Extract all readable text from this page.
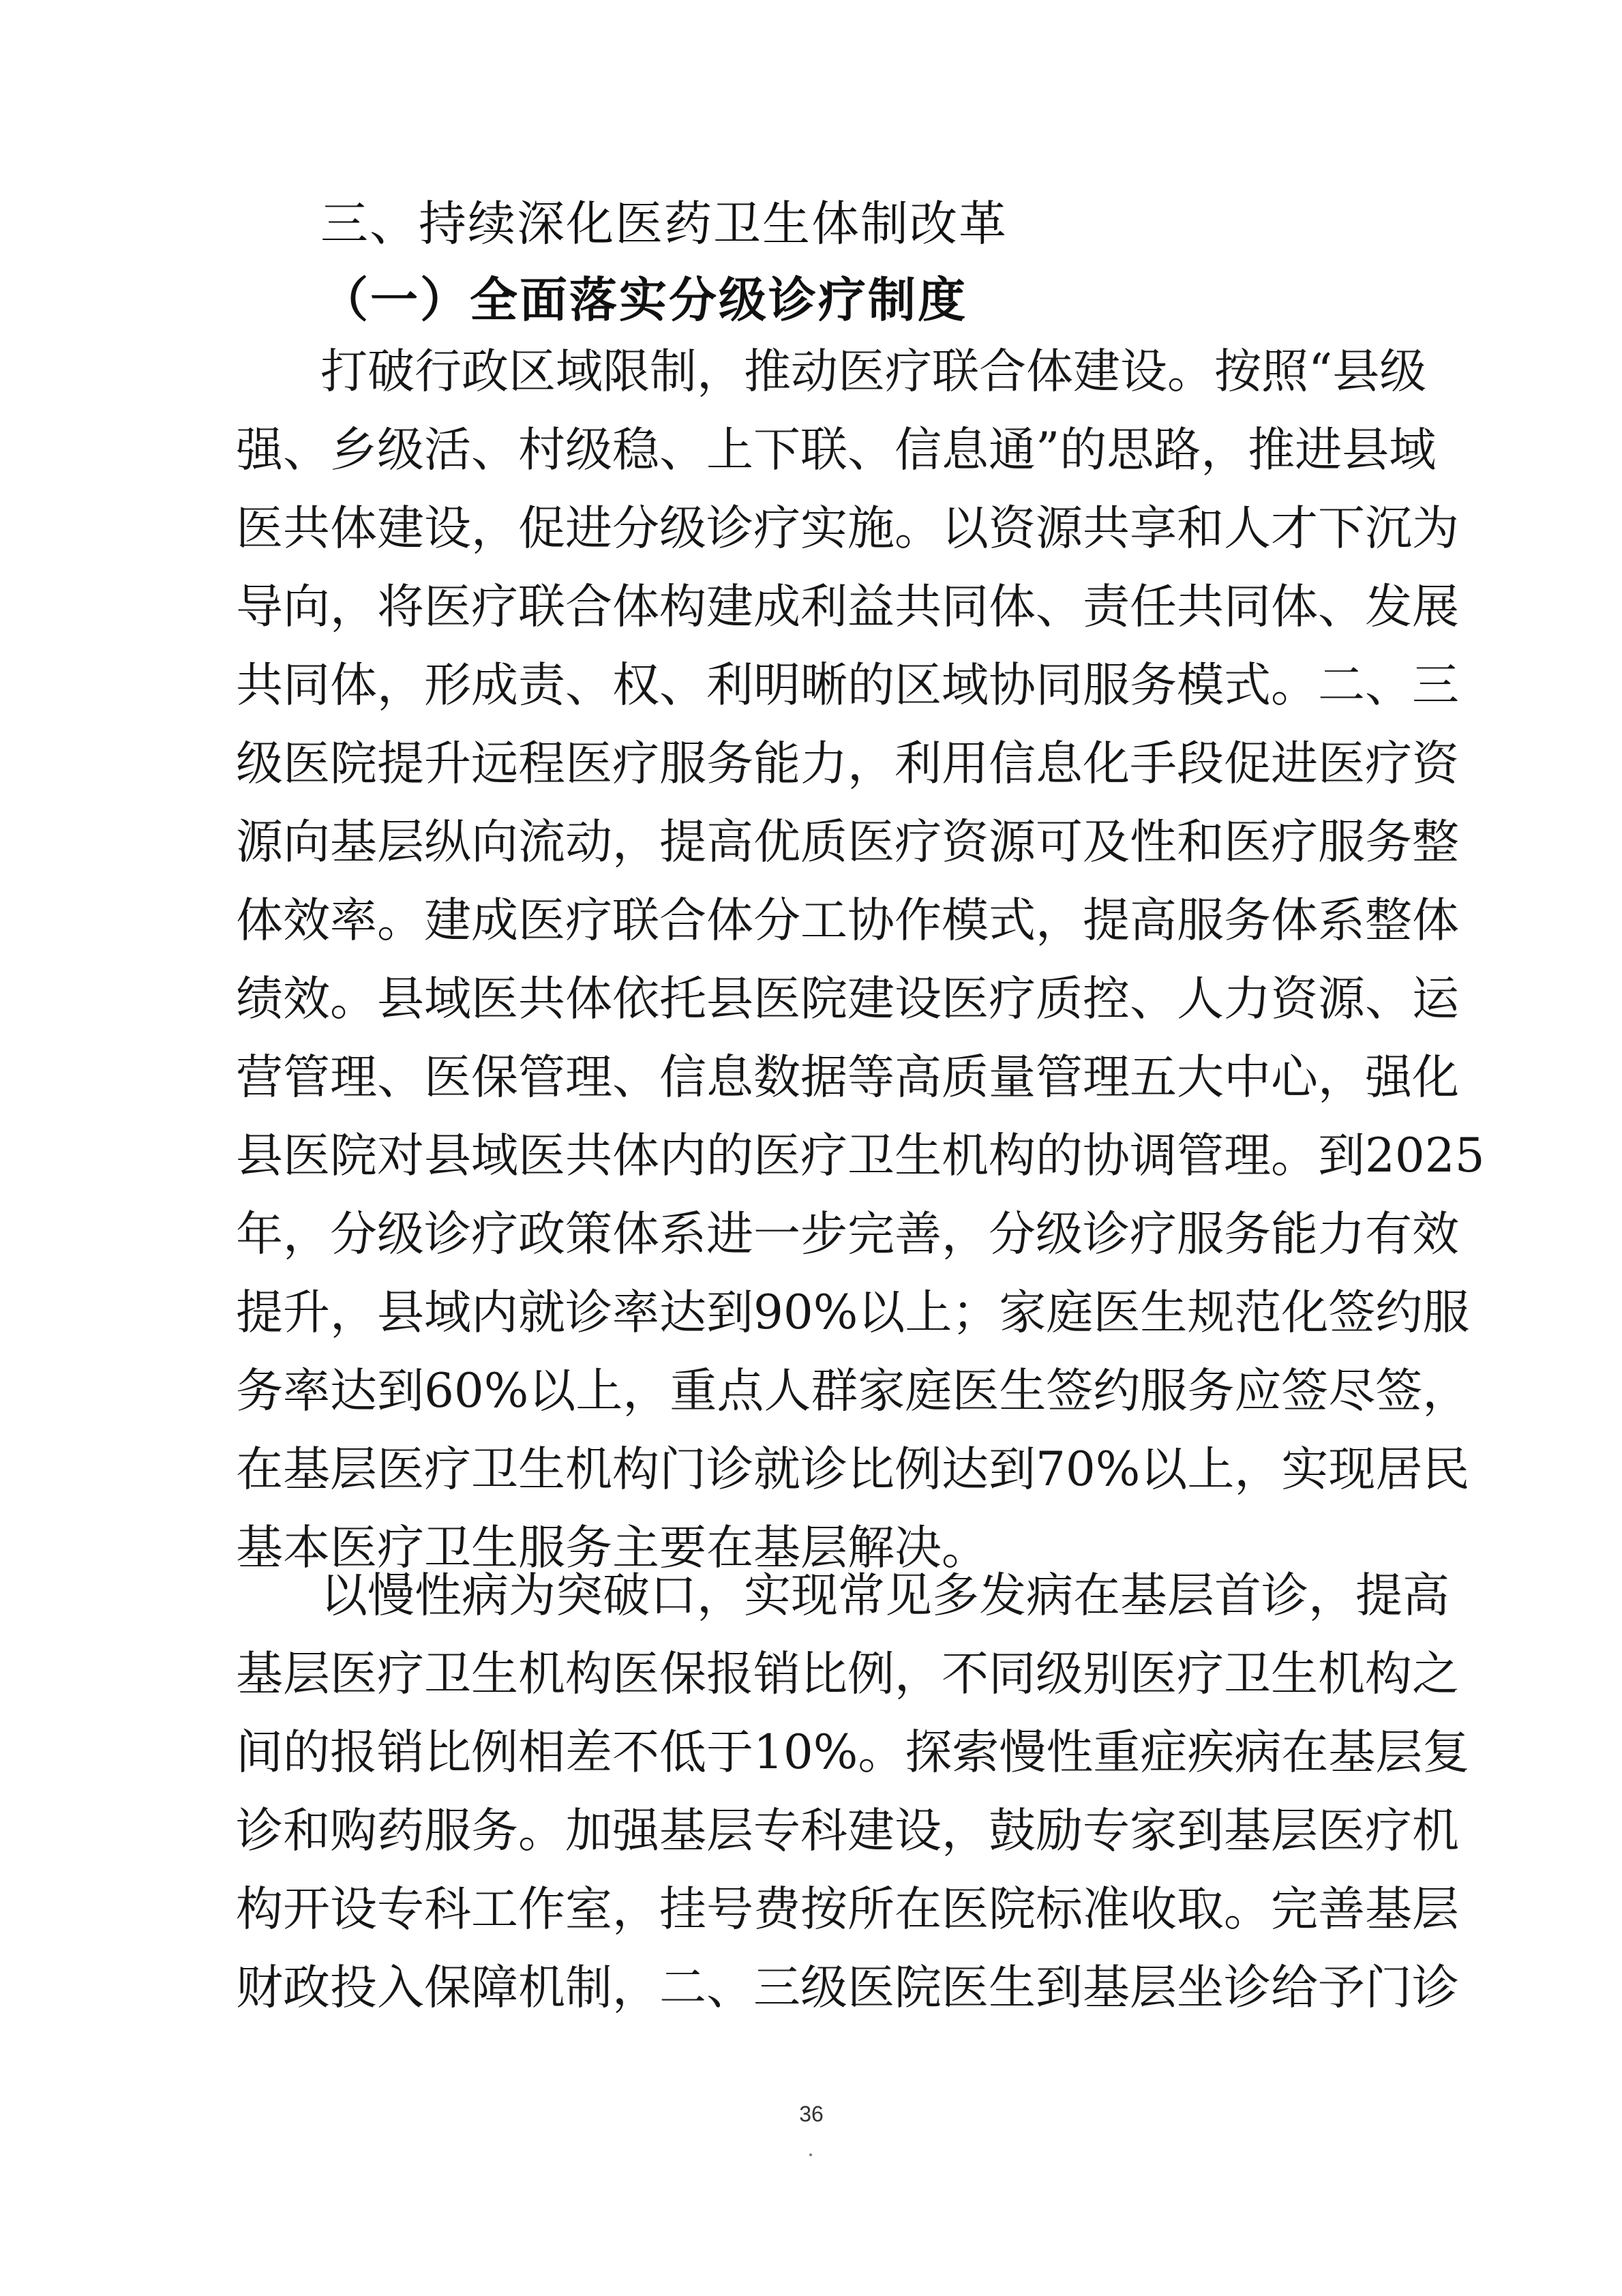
三、持续深化医药卫生体制改革
（一）全面落实分级诊疗制度
打破行政区域限制，推动医疗联合体建设。按照“县级
强、乡级活、村级稳、上下联、信息通”的思路，推进县域
医共体建设，促进分级诊疗实施。以资源共享和人才下沉为
导向，将医疗联合体构建成利益共同体、责任共同体、发展
共同体，形成责、权、利明晰的区域协同服务模式。二、三
级医院提升远程医疗服务能力，利用信息化手段促进医疗资
源向基层纵向流动，提高优质医疗资源可及性和医疗服务整
体效率。建成医疗联合体分工协作模式，提高服务体系整体
绩效。县域医共体依托县医院建设医疗质控、人力资源、运
营管理、医保管理、信息数据等高质量管理五大中心，强化
县医院对县域医共体内的医疗卫生机构的协调管理。到2025
年，分级诊疗政策体系进一步完善，分级诊疗服务能力有效
提升，县域内就诊率达到90%以上；家庭医生规范化签约服
务率达到60%以上，重点人群家庭医生签约服务应签尽签，
在基层医疗卫生机构门诊就诊比例达到70%以上，实现居民
基本医疗卫生服务主要在基层解决。
以慢性病为突破口，实现常见多发病在基层首诊，提高
基层医疗卫生机构医保报销比例，不同级别医疗卫生机构之
间的报销比例相差不低于10%。探索慢性重症疾病在基层复
诊和购药服务。加强基层专科建设，鼓励专家到基层医疗机
构开设专科工作室，挂号费按所在医院标准收取。完善基层
财政投入保障机制，二、三级医院医生到基层坐诊给予门诊

36
